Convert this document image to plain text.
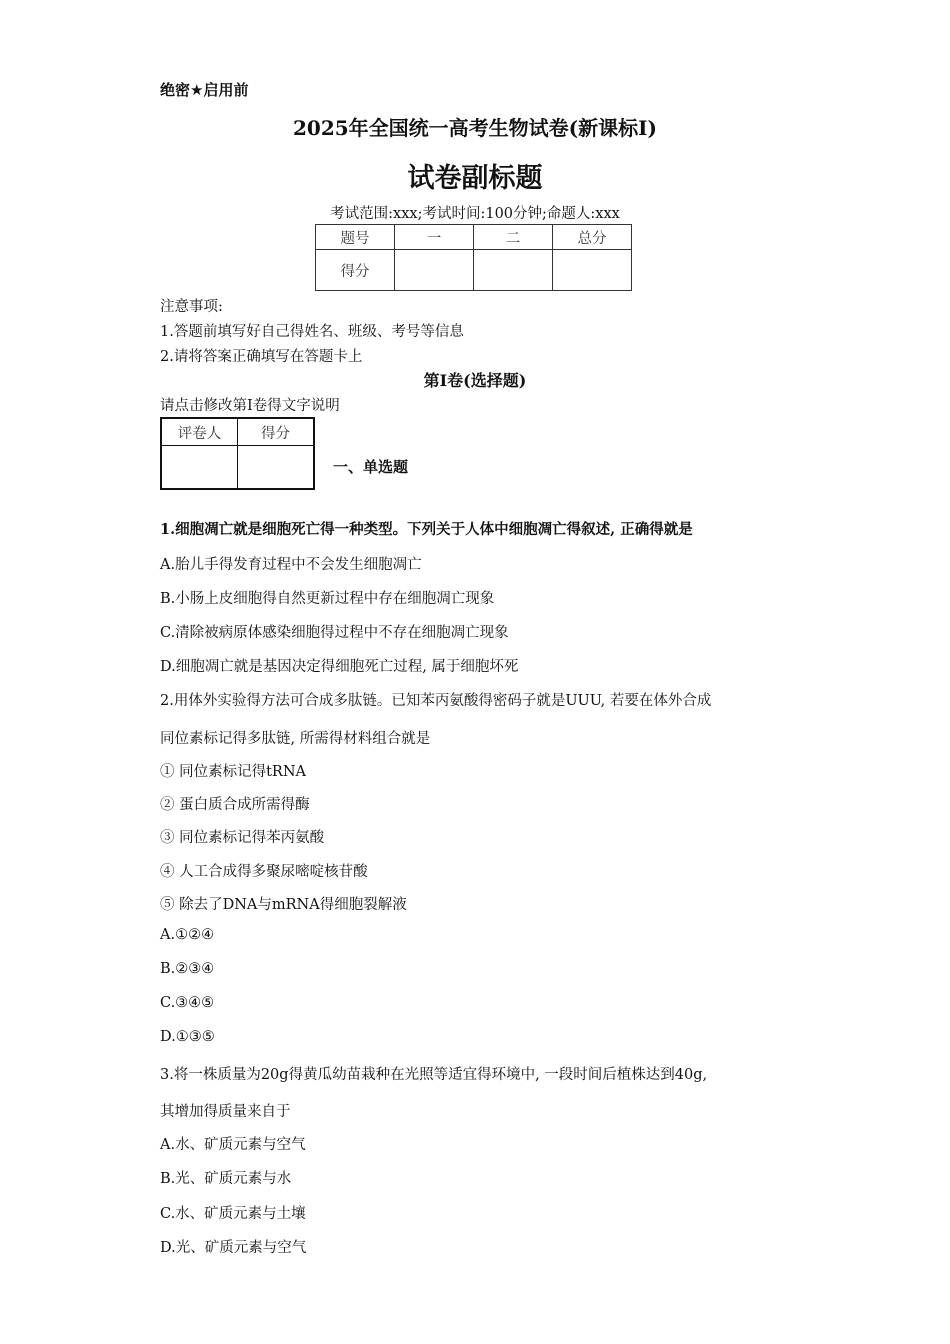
绝密★启用前
2025年全国统一高考生物试卷(新课标Ⅰ)
试卷副标题
考试范围:xxx;考试时间:100分钟;命题人:xxx
题号	一	二	总分
得分			
注意事项:
1.答题前填写好自己得姓名、班级、考号等信息
2.请将答案正确填写在答题卡上
第Ⅰ卷(选择题)
请点击修改第I卷得文字说明
评卷人	得分

一、单选题
1.细胞凋亡就是细胞死亡得一种类型。下列关于人体中细胞凋亡得叙述, 正确得就是
A.胎儿手得发育过程中不会发生细胞凋亡
B.小肠上皮细胞得自然更新过程中存在细胞凋亡现象
C.清除被病原体感染细胞得过程中不存在细胞凋亡现象
D.细胞凋亡就是基因决定得细胞死亡过程, 属于细胞坏死
2.用体外实验得方法可合成多肽链。已知苯丙氨酸得密码子就是UUU, 若要在体外合成
同位素标记得多肽链, 所需得材料组合就是
① 同位素标记得tRNA
② 蛋白质合成所需得酶
③ 同位素标记得苯丙氨酸
④ 人工合成得多聚尿嘧啶核苷酸
⑤ 除去了DNA与mRNA得细胞裂解液
A.①②④
B.②③④
C.③④⑤
D.①③⑤
3.将一株质量为20g得黄瓜幼苗栽种在光照等适宜得环境中, 一段时间后植株达到40g,
其增加得质量来自于
A.水、矿质元素与空气
B.光、矿质元素与水
C.水、矿质元素与土壤
D.光、矿质元素与空气
